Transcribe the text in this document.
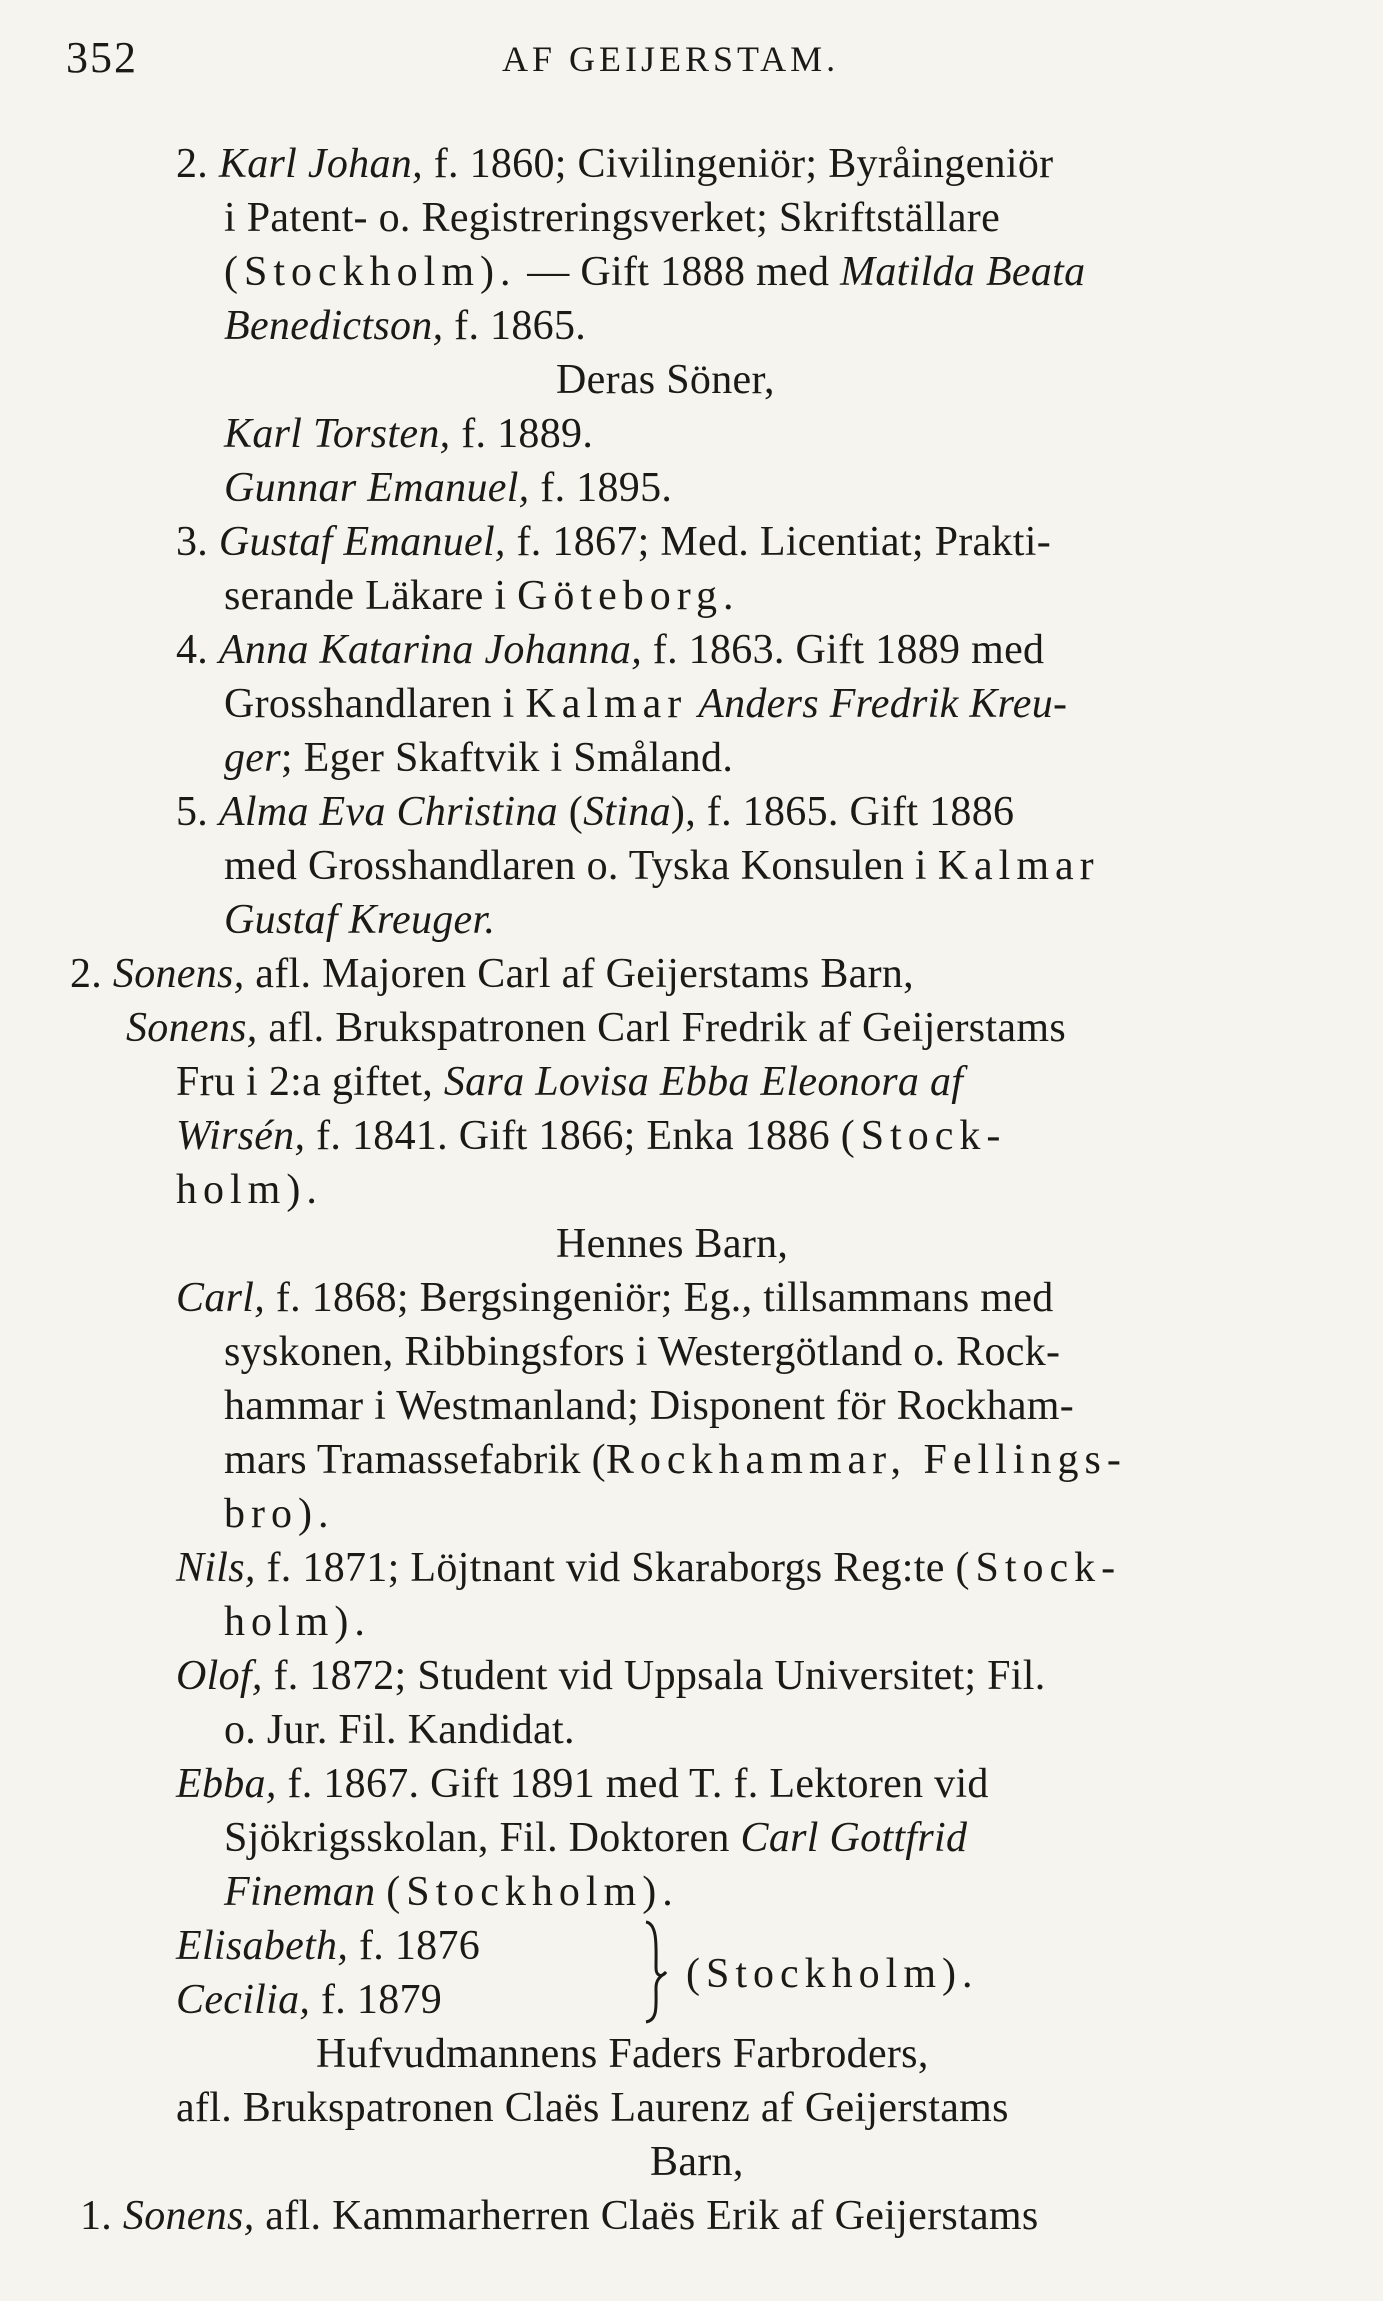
352	AF GEIJERSTAM.
2. Karl Johan, f. 1860; Civilingeniör; Byråingeniör
i Patent- o. Registreringsverket; Skriftställare
(Stockholm). — Gift 1888 med Matilda Beata
Benedictson, f. 1865.
Deras Söner,
Karl Torsten, f. 1889.
Gunnar Emanuel, f. 1895.
3. Gustaf Emanuel, f. 1867; Med. Licentiat; Prakti-
serande Läkare i Göteborg.
4. Anna Katarina Johanna, f. 1863. Gift 1889 med
Grosshandlaren i Kalmar Anders Fredrik Kreu-
ger; Eger Skaftvik i Småland.
5. Alma Eva Christina (Stina), f. 1865. Gift 1886
med Grosshandlaren o. Tyska Konsulen i Kalmar
Gustaf Kreuger.
2. Sonens, afl. Majoren Carl af Geijerstams Barn,
Sonens, afl. Brukspatronen Carl Fredrik af Geijerstams
Fru i 2:a giftet, Sara Lovisa Ebba Eleonora af
Wirsén, f. 1841. Gift 1866; Enka 1886 (Stock-
holm).
Hennes Barn,
Carl, f. 1868; Bergsingeniör; Eg., tillsammans med
syskonen, Ribbingsfors i Westergötland o. Rock-
hammar i Westmanland; Disponent för Rockham-
mars Tramassefabrik (Rockhammar, Fellings-
bro).
Nils, f. 1871; Löjtnant vid Skaraborgs Reg:te (Stock-
holm).
Olof, f. 1872; Student vid Uppsala Universitet; Fil.
o. Jur. Fil. Kandidat.
Ebba, f. 1867. Gift 1891 med T. f. Lektoren vid
Sjökrigsskolan, Fil. Doktoren Carl Gottfrid
Fineman (Stockholm).
Elisabeth, f. 1876
Cecilia, f. 1879
Hufvudmannens Faders Farbroders,
afl. Brukspatronen Claës Laurenz af Geijerstams
Barn,
1. Sonens, afl. Kammarherren Claës Erik af Geijerstams
(Stockholm).
